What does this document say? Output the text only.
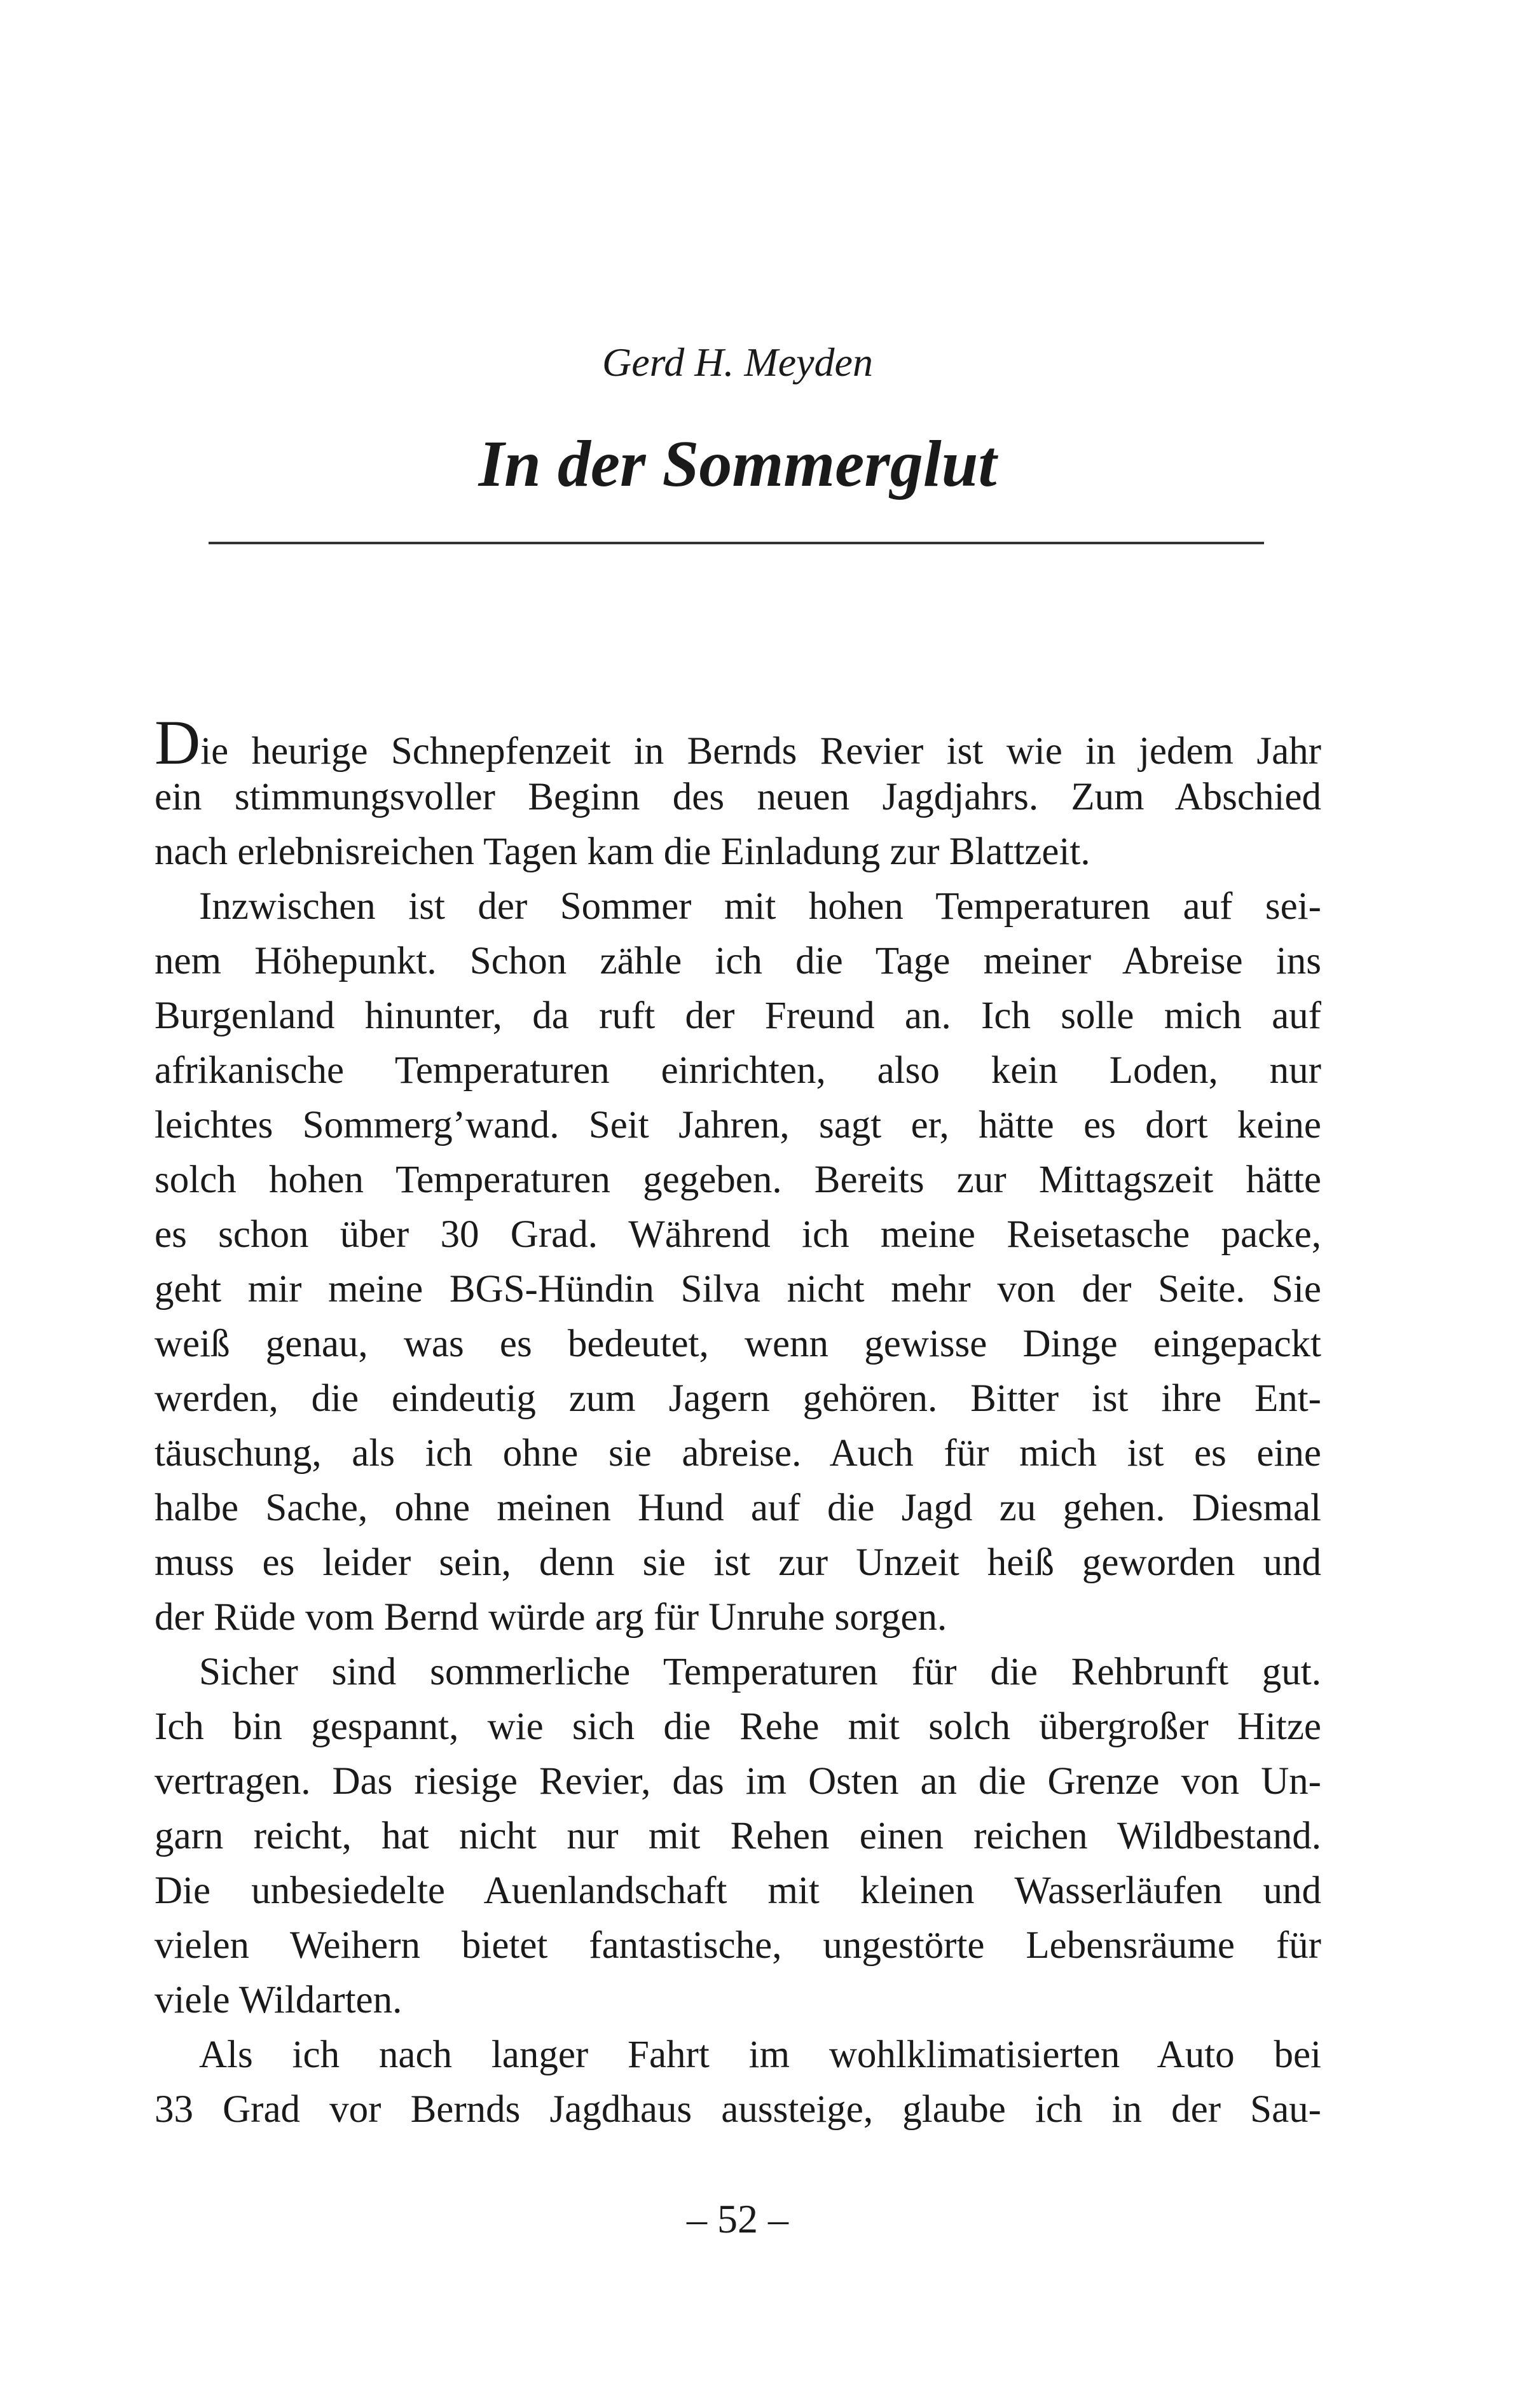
Gerd H. Meyden
In der Sommerglut
Die heurige Schnepfenzeit in Bernds Revier ist wie in jedem Jahr
ein stimmungsvoller Beginn des neuen Jagdjahrs. Zum Abschied
nach erlebnisreichen Tagen kam die Einladung zur Blattzeit.
Inzwischen ist der Sommer mit hohen Temperaturen auf sei-
nem Höhepunkt. Schon zähle ich die Tage meiner Abreise ins
Burgenland hinunter, da ruft der Freund an. Ich solle mich auf
afrikanische Temperaturen einrichten, also kein Loden, nur
leichtes Sommerg’wand. Seit Jahren, sagt er, hätte es dort keine
solch hohen Temperaturen gegeben. Bereits zur Mittagszeit hätte
es schon über 30 Grad. Während ich meine Reisetasche packe,
geht mir meine BGS-Hündin Silva nicht mehr von der Seite. Sie
weiß genau, was es bedeutet, wenn gewisse Dinge eingepackt
werden, die eindeutig zum Jagern gehören. Bitter ist ihre Ent-
täuschung, als ich ohne sie abreise. Auch für mich ist es eine
halbe Sache, ohne meinen Hund auf die Jagd zu gehen. Diesmal
muss es leider sein, denn sie ist zur Unzeit heiß geworden und
der Rüde vom Bernd würde arg für Unruhe sorgen.
Sicher sind sommerliche Temperaturen für die Rehbrunft gut.
Ich bin gespannt, wie sich die Rehe mit solch übergroßer Hitze
vertragen. Das riesige Revier, das im Osten an die Grenze von Un-
garn reicht, hat nicht nur mit Rehen einen reichen Wildbestand.
Die unbesiedelte Auenlandschaft mit kleinen Wasserläufen und
vielen Weihern bietet fantastische, ungestörte Lebensräume für
viele Wildarten.
Als ich nach langer Fahrt im wohlklimatisierten Auto bei
33 Grad vor Bernds Jagdhaus aussteige, glaube ich in der Sau-
– 52 –
